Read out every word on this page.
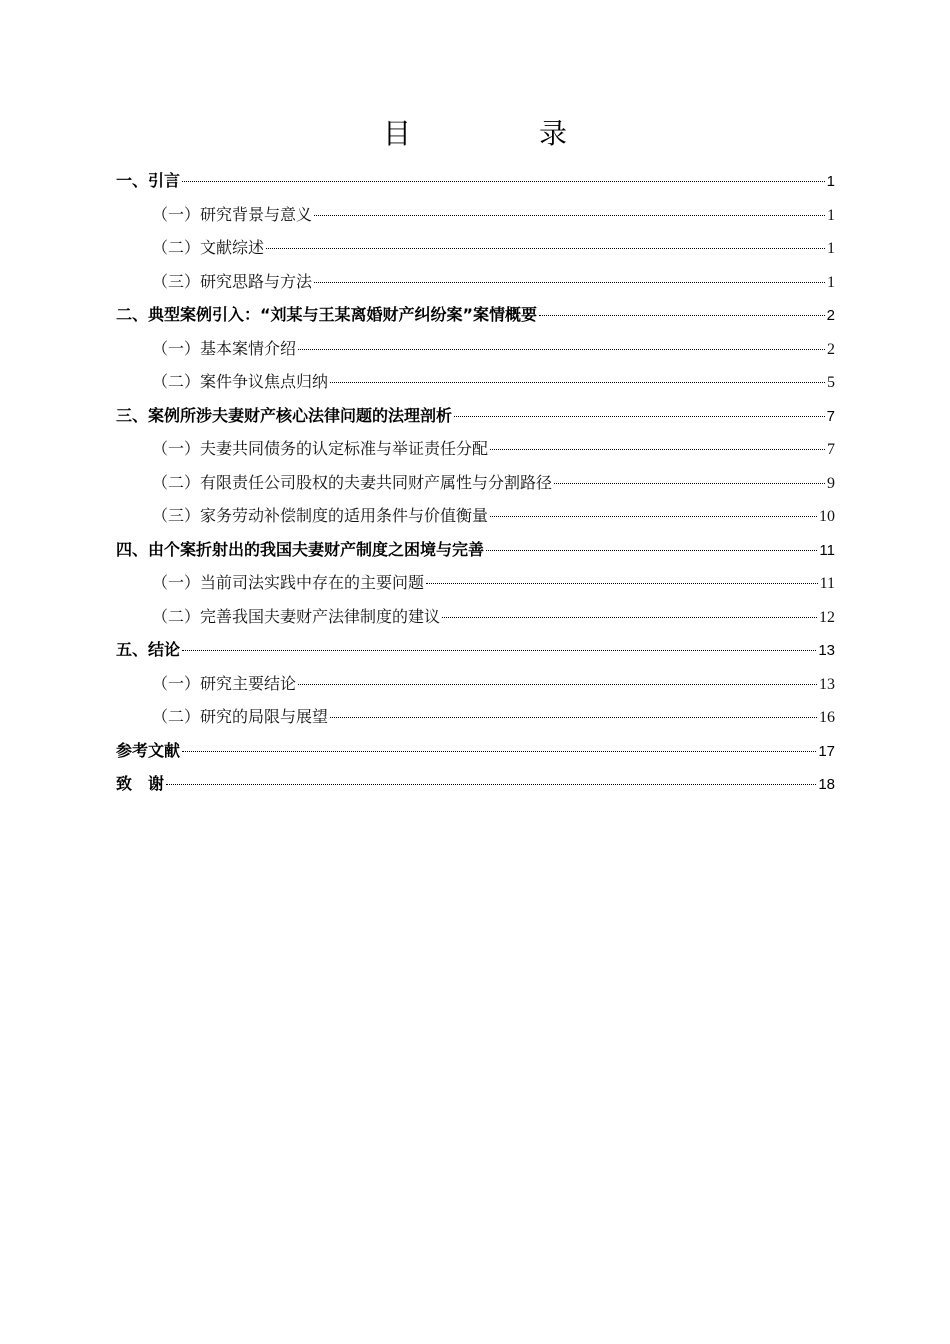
目　录
一、引言	1
（一）研究背景与意义	1
（二）文献综述	1
（三）研究思路与方法	1
二、典型案例引入：“刘某与王某离婚财产纠纷案”案情概要	2
（一）基本案情介绍	2
（二）案件争议焦点归纳	5
三、案例所涉夫妻财产核心法律问题的法理剖析	7
（一）夫妻共同债务的认定标准与举证责任分配	7
（二）有限责任公司股权的夫妻共同财产属性与分割路径	9
（三）家务劳动补偿制度的适用条件与价值衡量	10
四、由个案折射出的我国夫妻财产制度之困境与完善	11
（一）当前司法实践中存在的主要问题	11
（二）完善我国夫妻财产法律制度的建议	12
五、结论	13
（一）研究主要结论	13
（二）研究的局限与展望	16
参考文献	17
致　谢	18
